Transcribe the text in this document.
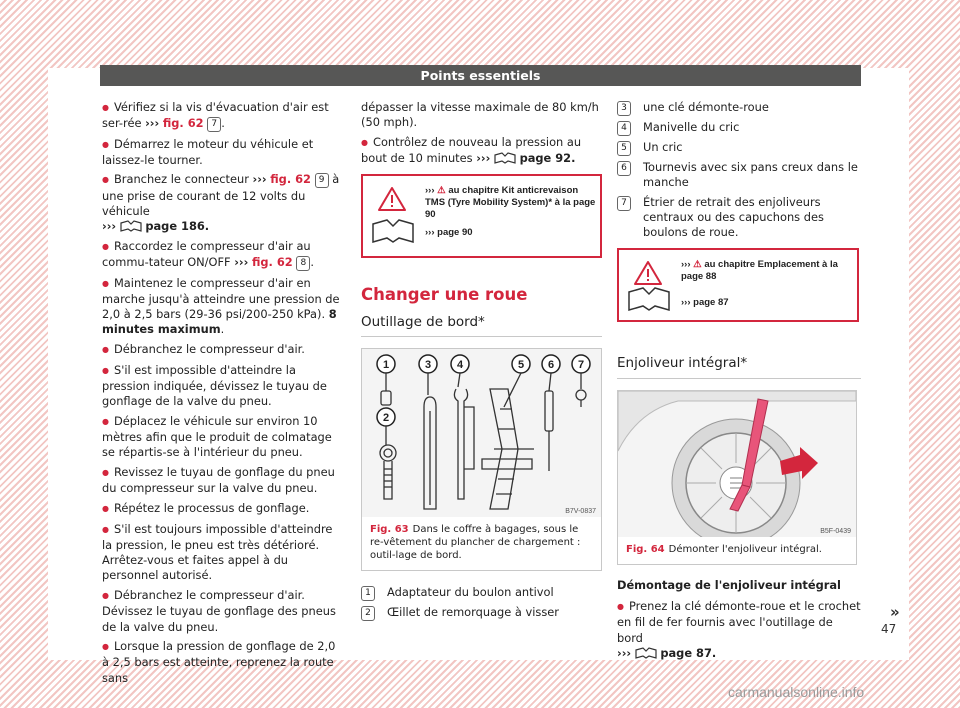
Points essentiels

● Vérifiez si la vis d'évacuation d'air est ser-rée ››› fig. 62 7 .

● Démarrez le moteur du véhicule et laissez-le tourner.

● Branchez le connecteur ››› fig. 62 9 à une prise de courant de 12 volts du véhicule
›››	page 186.

● Raccordez le compresseur d'air au commu-tateur ON/OFF ››› fig. 62 8 .

● Maintenez le compresseur d'air en marche jusqu'à atteindre une pression de 2,0 à 2,5 bars (29-36 psi/200-250 kPa). 8 minutes maximum.

● Débranchez le compresseur d'air.

● S'il est impossible d'atteindre la pression indiquée, dévissez le tuyau de gonflage de la valve du pneu.

● Déplacez le véhicule sur environ 10 mètres afin que le produit de colmatage se répartis-se à l'intérieur du pneu.

● Revissez le tuyau de gonflage du pneu du compresseur sur la valve du pneu.

● Répétez le processus de gonflage.

● S'il est toujours impossible d'atteindre la pression, le pneu est très détérioré. Arrêtez-vous et faites appel à du personnel autorisé.

● Débranchez le compresseur d'air. Dévissez le tuyau de gonflage des pneus de la valve du pneu.

● Lorsque la pression de gonflage de 2,0 à 2,5 bars est atteinte, reprenez la route sans

dépasser la vitesse maximale de 80 km/h (50 mph).

● Contrôlez de nouveau la pression au bout de 10 minutes ›››	page 92.

››› ⚠ au chapitre Kit anticrevaison TMS (Tyre Mobility System)* à la page 90
››› page 90
Changer une roue
Outillage de bord*
1
2
3 4	5 6 7
B7V-0837
Fig. 63 Dans le coffre à bagages, sous le re-vêtement du plancher de chargement : outil-lage de bord.
1	Adaptateur du boulon antivol
2	Œillet de remorquage à visser
3	une clé démonte-roue
4	Manivelle du cric
5	Un cric
6	Tournevis avec six pans creux dans le manche
7	Étrier de retrait des enjoliveurs centraux ou des capuchons des boulons de roue.
››› ⚠ au chapitre Emplacement à la page 88
››› page 87
Enjoliveur intégral*
B5F-0439
Fig. 64 Démonter l'enjoliveur intégral.
Démontage de l'enjoliveur intégral

● Prenez la clé démonte-roue et le crochet en fil de fer fournis avec l'outillage de bord
›››	page 87.

»
47
carmanualsonline.info
